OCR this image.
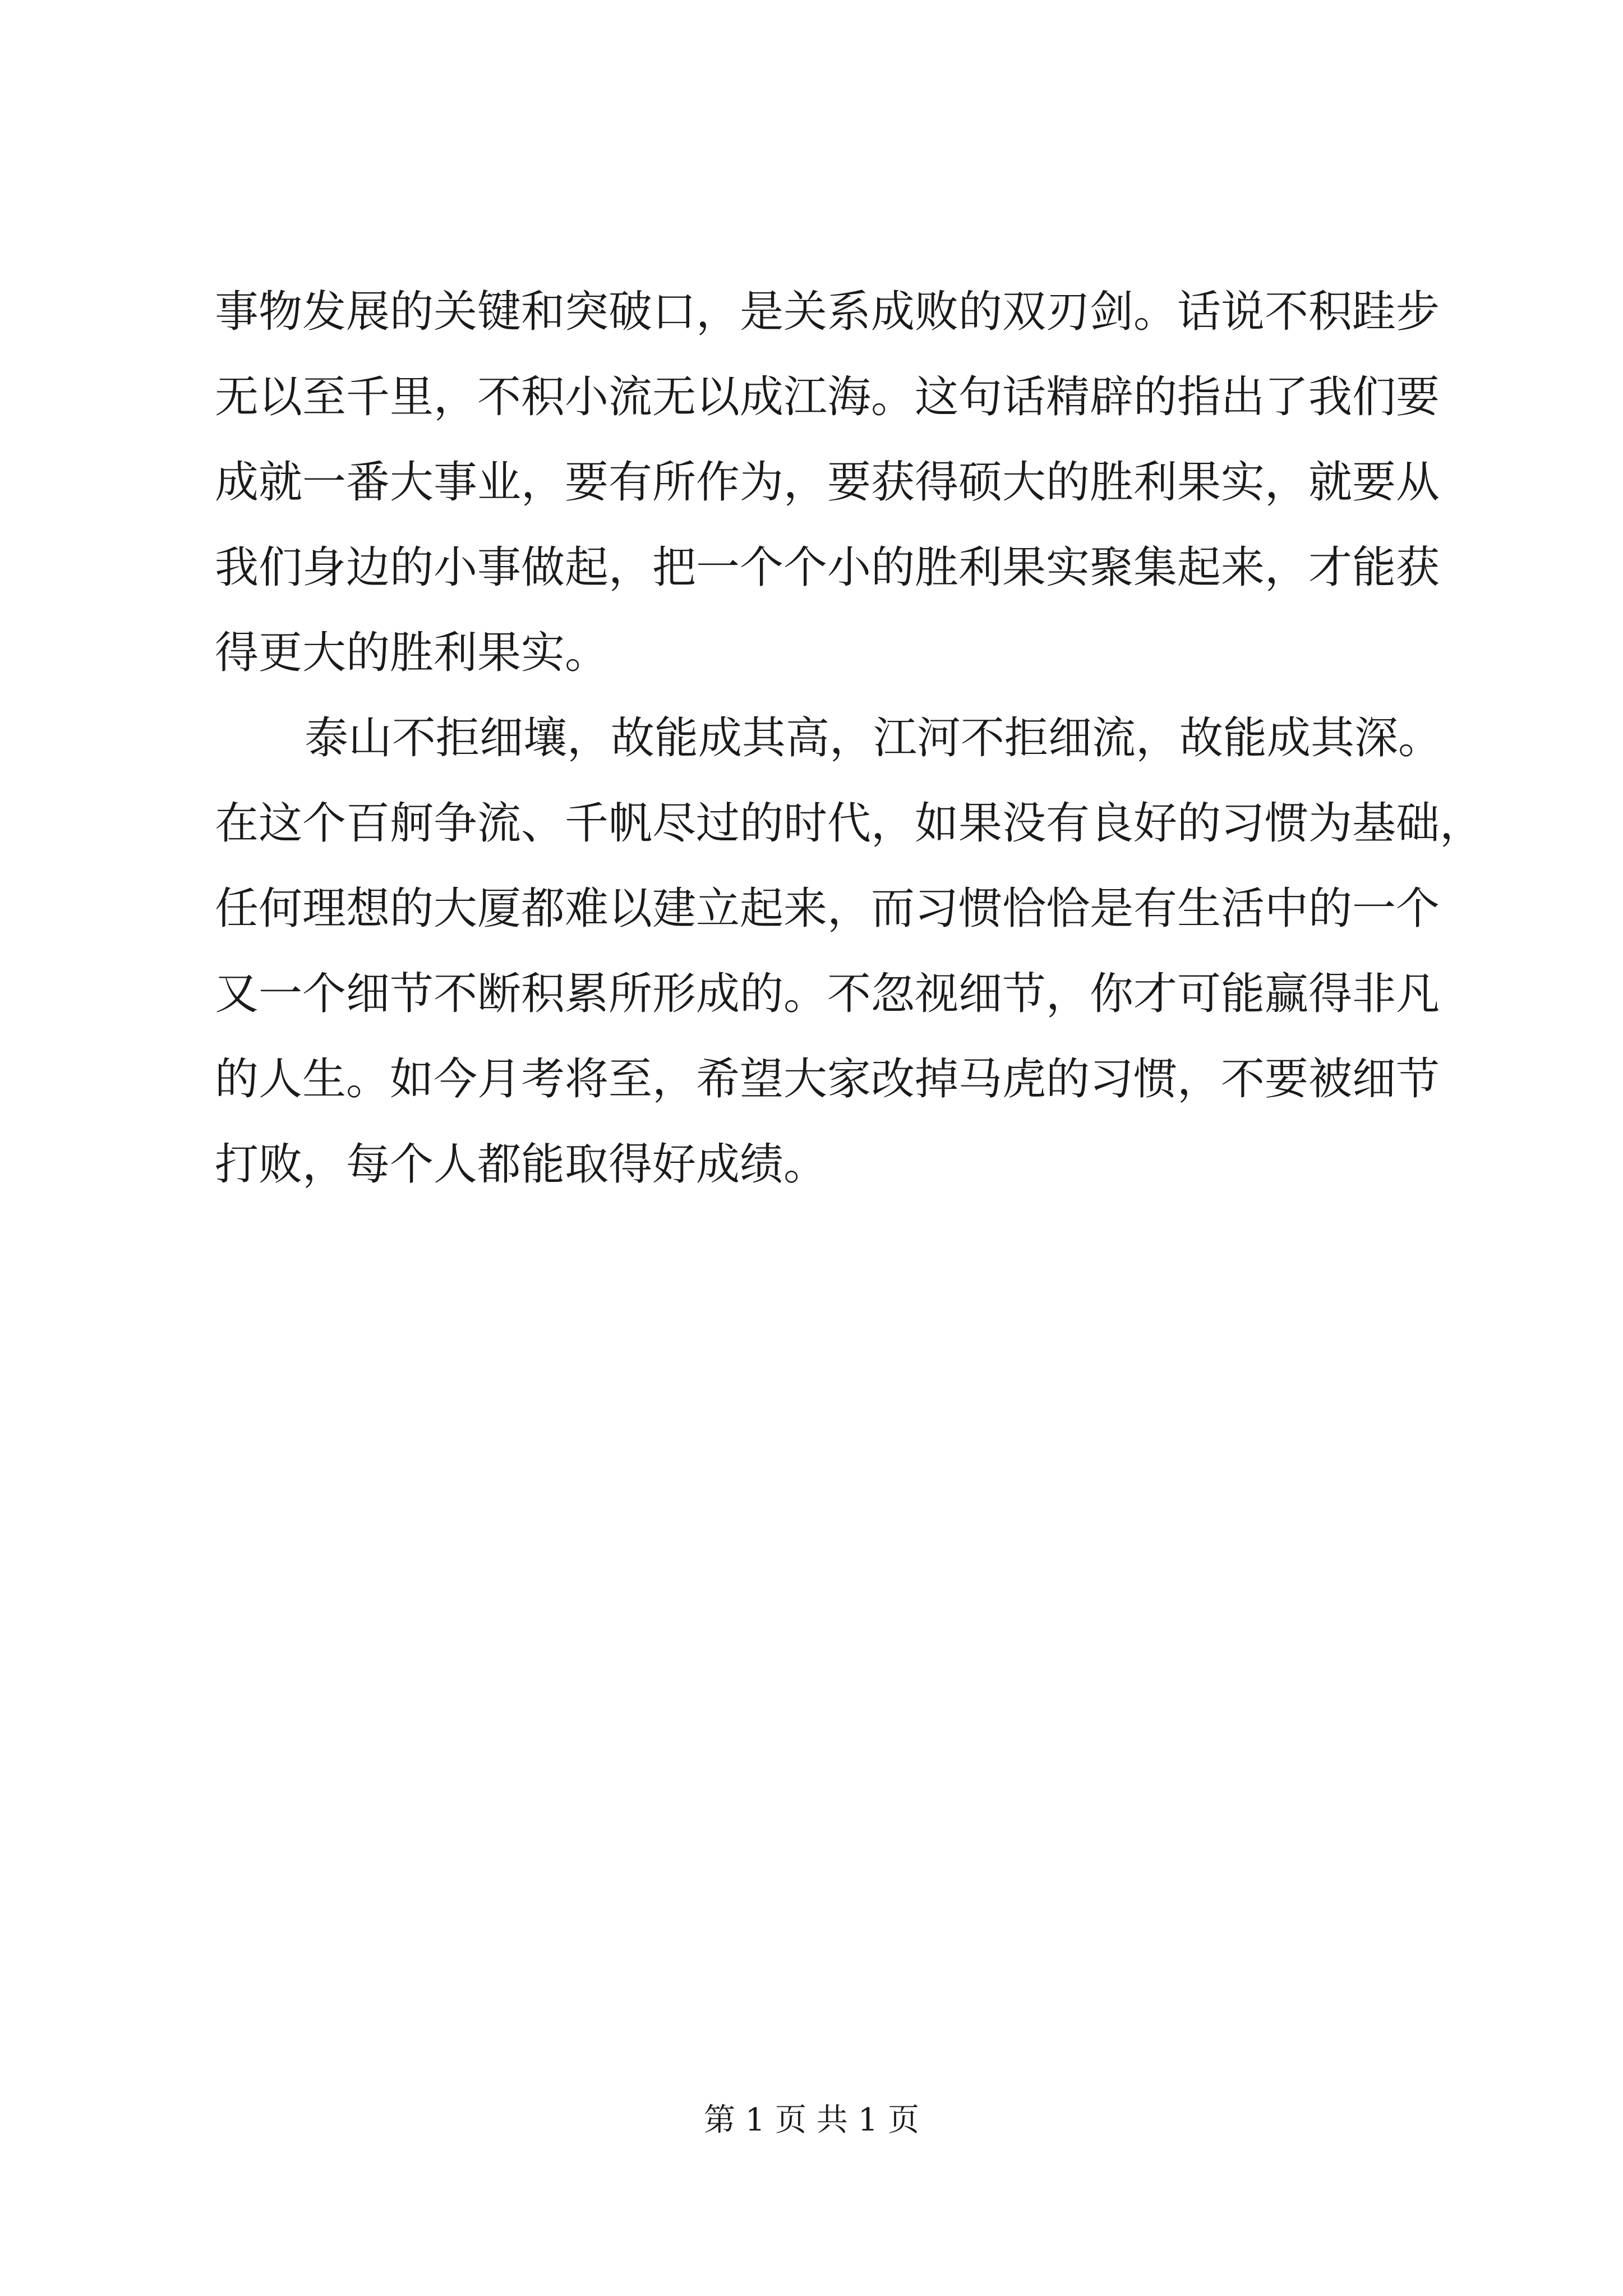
事物发展的关键和突破口，是关系成败的双刃剑。话说不积跬步
无以至千里，不积小流无以成江海。这句话精辟的指出了我们要
成就一番大事业，要有所作为，要获得硕大的胜利果实，就要从
我们身边的小事做起，把一个个小的胜利果实聚集起来，才能获
得更大的胜利果实。
泰山不拒细壤，故能成其高，江河不拒细流，故能成其深。
在这个百舸争流、千帆尽过的时代，如果没有良好的习惯为基础，
任何理想的大厦都难以建立起来，而习惯恰恰是有生活中的一个
又一个细节不断积累所形成的。不忽视细节，你才可能赢得非凡
的人生。如今月考将至，希望大家改掉马虎的习惯，不要被细节
打败，每个人都能取得好成绩。
第 1 页 共 1 页
